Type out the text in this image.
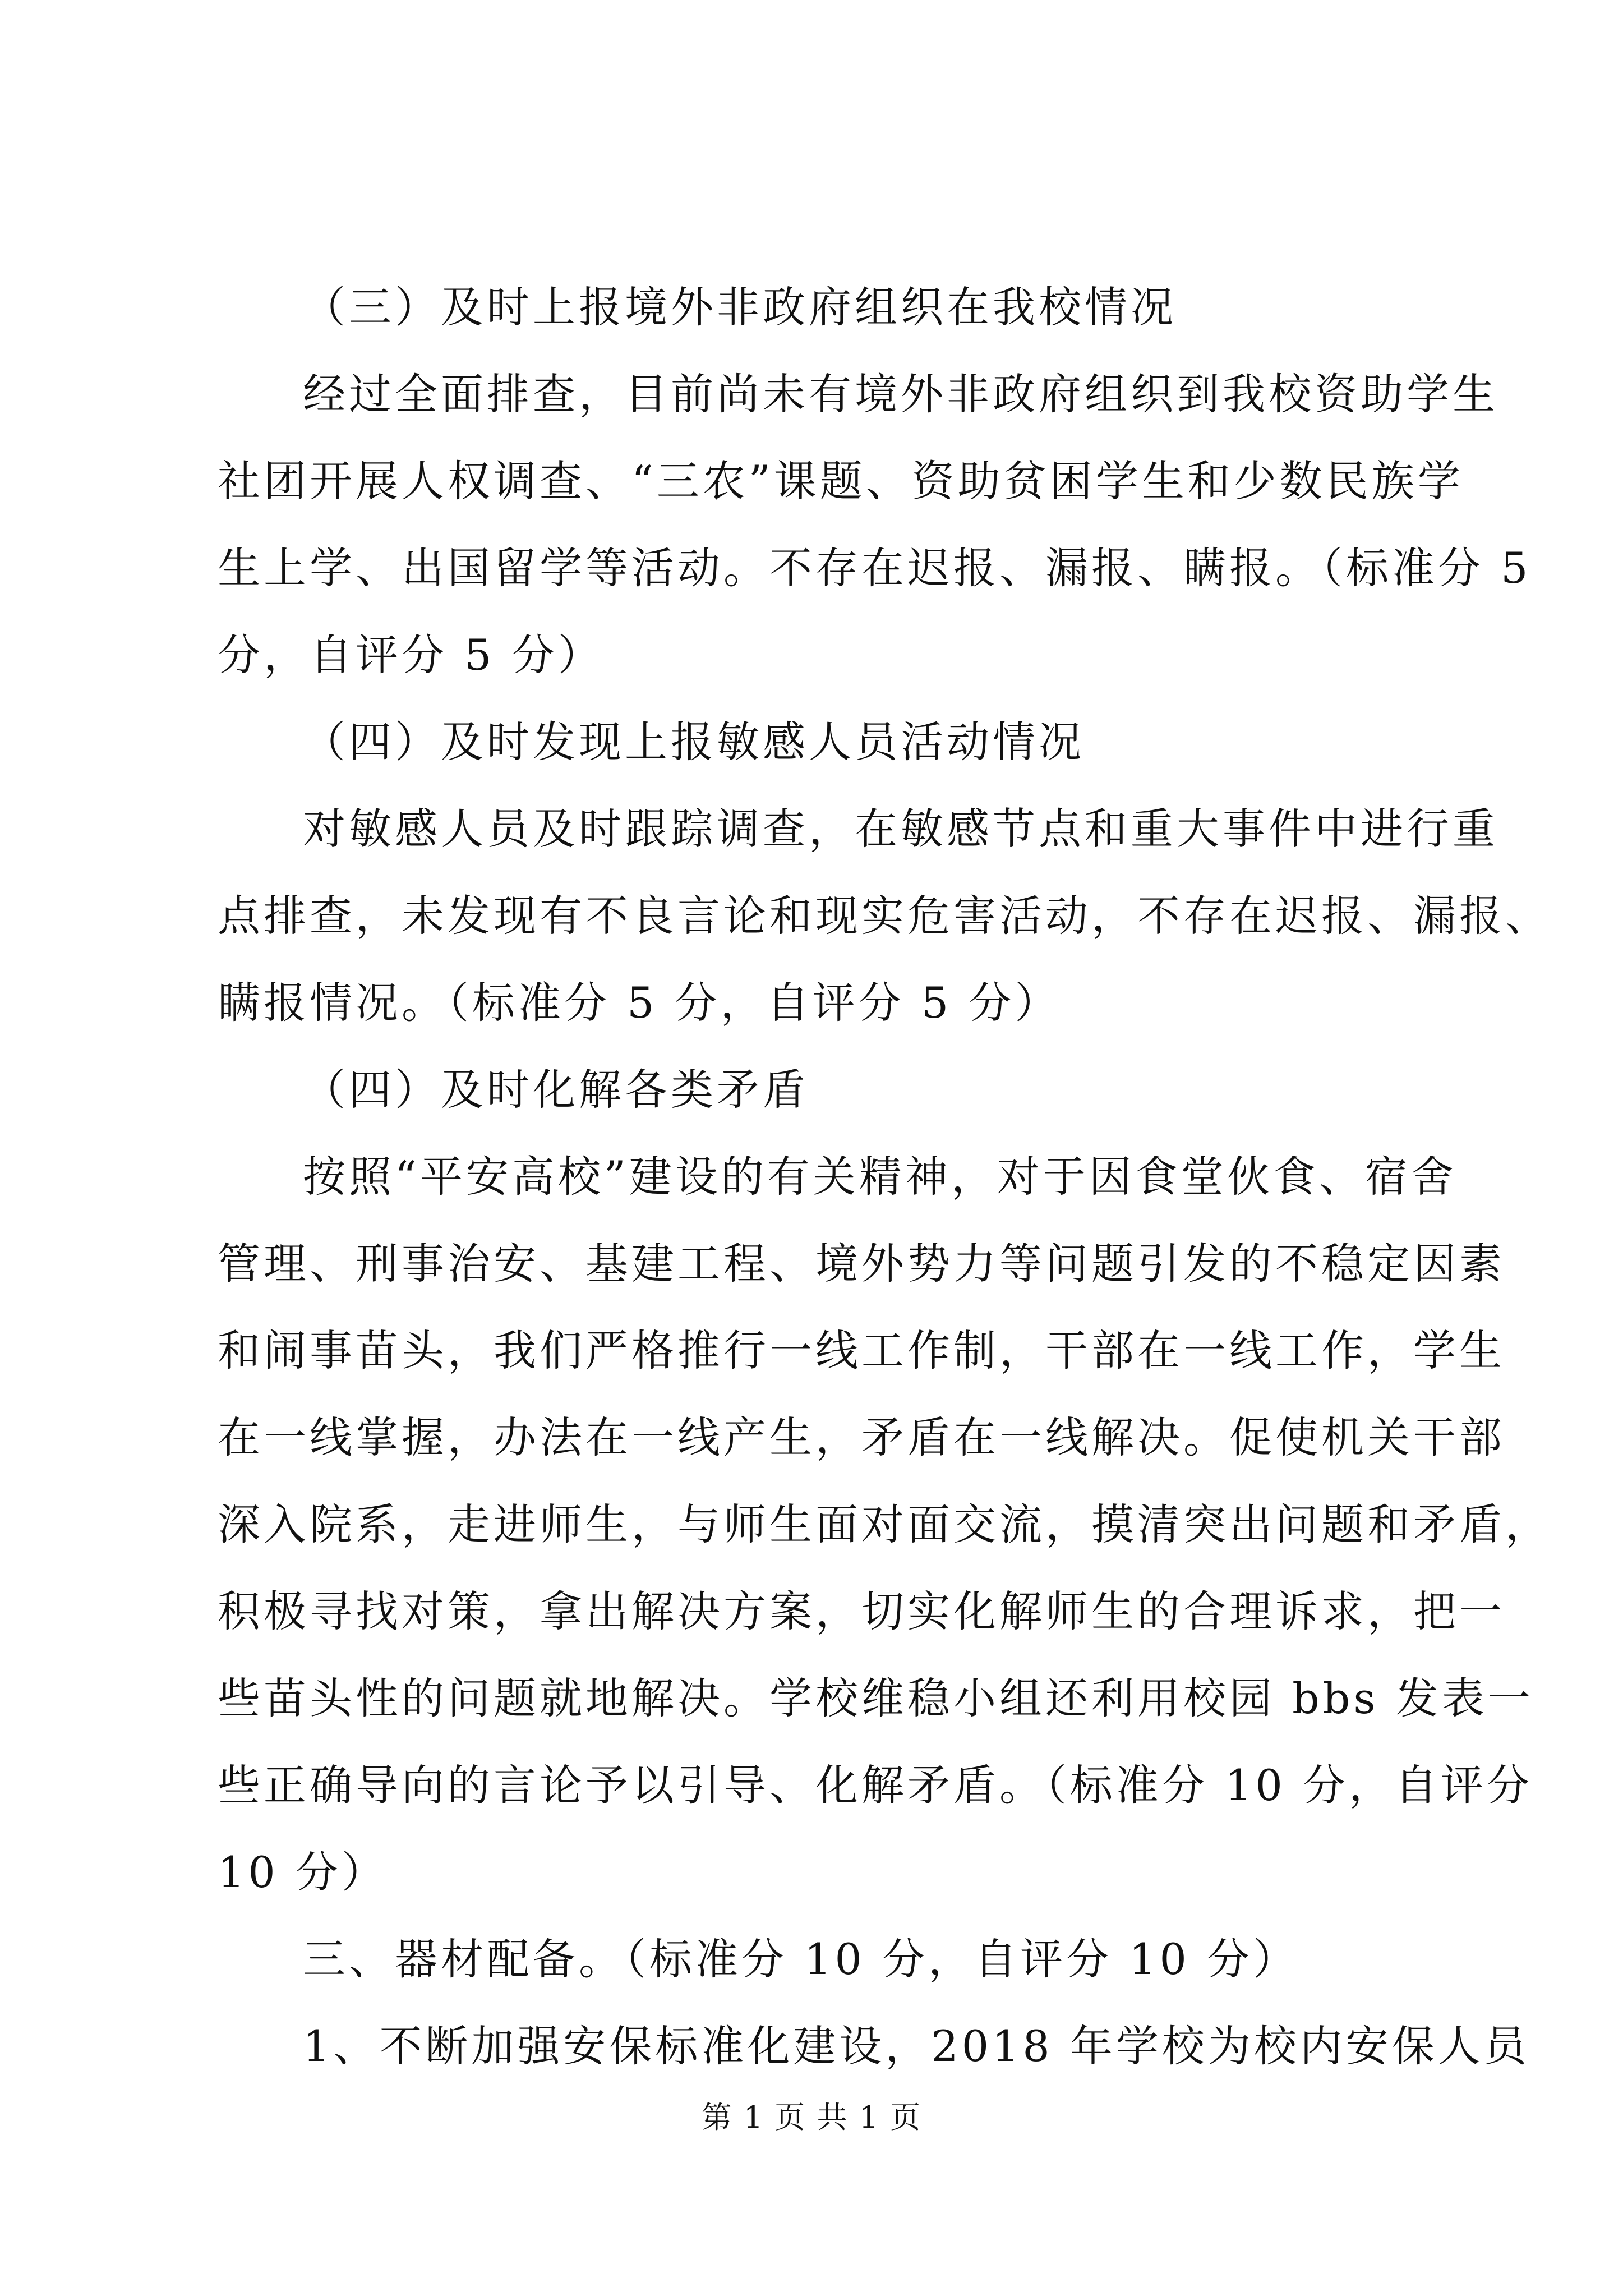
（三）及时上报境外非政府组织在我校情况
经过全面排查，目前尚未有境外非政府组织到我校资助学生
社团开展人权调查、“三农”课题、资助贫困学生和少数民族学
生上学、出国留学等活动。不存在迟报、漏报、瞒报。（标准分 5
分，自评分 5 分）
（四）及时发现上报敏感人员活动情况
对敏感人员及时跟踪调查，在敏感节点和重大事件中进行重
点排查，未发现有不良言论和现实危害活动，不存在迟报、漏报、
瞒报情况。（标准分 5 分，自评分 5 分）
（四）及时化解各类矛盾
按照“平安高校”建设的有关精神，对于因食堂伙食、宿舍
管理、刑事治安、基建工程、境外势力等问题引发的不稳定因素
和闹事苗头，我们严格推行一线工作制，干部在一线工作，学生
在一线掌握，办法在一线产生，矛盾在一线解决。促使机关干部
深入院系，走进师生，与师生面对面交流，摸清突出问题和矛盾，
积极寻找对策，拿出解决方案，切实化解师生的合理诉求，把一
些苗头性的问题就地解决。学校维稳小组还利用校园 bbs 发表一
些正确导向的言论予以引导、化解矛盾。（标准分 10 分，自评分
10 分）
三、器材配备。（标准分 10 分，自评分 10 分）
1、不断加强安保标准化建设，2018 年学校为校内安保人员
第 1 页 共 1 页
